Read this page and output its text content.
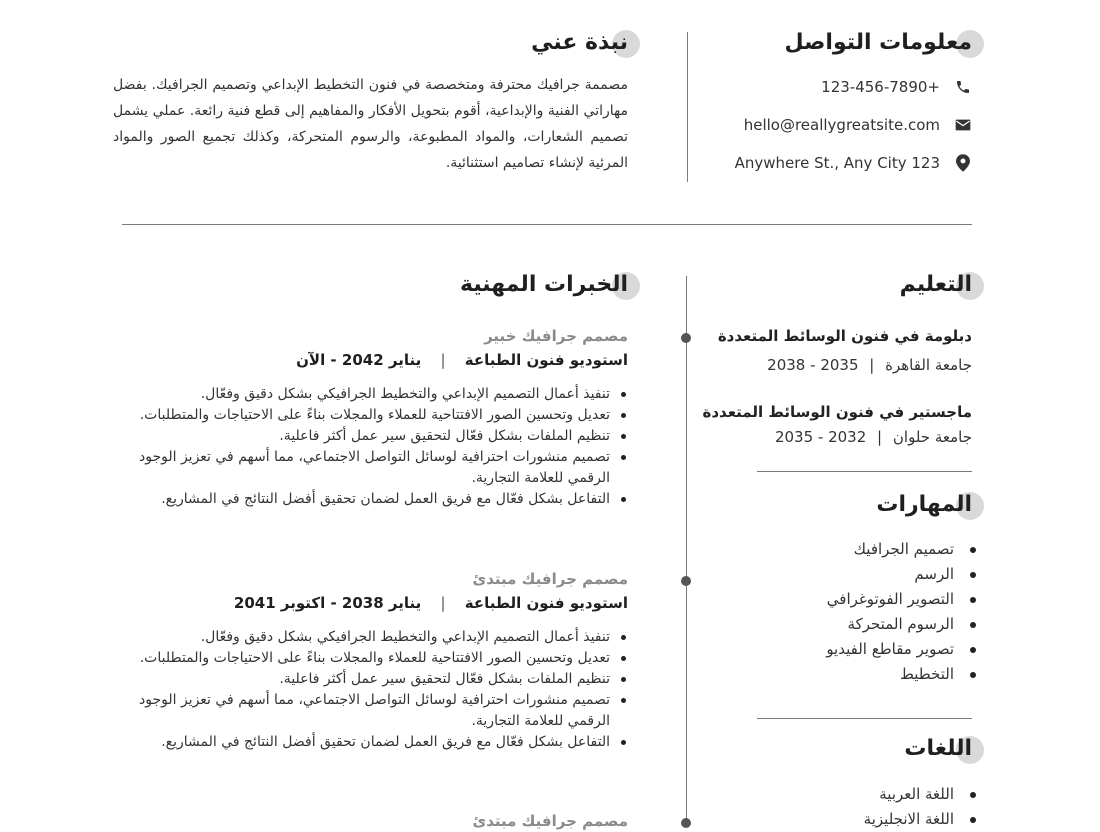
معلومات التواصل
123-456-7890+
hello@reallygreatsite.com
Anywhere St., Any City 123
نبذة عني
مصممة جرافيك محترفة ومتخصصة في فنون التخطيط الإبداعي وتصميم الجرافيك. بفضل مهاراتي الفنية والإبداعية، أقوم بتحويل الأفكار والمفاهيم إلى قطع فنية رائعة. عملي يشمل تصميم الشعارات، والمواد المطبوعة، والرسوم المتحركة، وكذلك تجميع الصور والمواد المرئية لإنشاء تصاميم استثنائية.
التعليم
دبلومة في فنون الوسائط المتعددة
جامعة القاهرة | 2035 - 2038
ماجستير في فنون الوسائط المتعددة
جامعة حلوان | 2032 - 2035
المهارات
تصميم الجرافيك
الرسم
التصوير الفوتوغرافي
الرسوم المتحركة
تصوير مقاطع الفيديو
التخطيط
اللغات
اللغة العربية
اللغة الانجليزية
الخبرات المهنية
مصمم جرافيك خبير
استوديو فنون الطباعة | يناير 2042 - الآن
تنفيذ أعمال التصميم الإبداعي والتخطيط الجرافيكي بشكل دقيق وفعّال.
تعديل وتحسين الصور الافتتاحية للعملاء والمجلات بناءً على الاحتياجات والمتطلبات.
تنظيم الملفات بشكل فعّال لتحقيق سير عمل أكثر فاعلية.
تصميم منشورات احترافية لوسائل التواصل الاجتماعي، مما أسهم في تعزيز الوجود الرقمي للعلامة التجارية.
التفاعل بشكل فعّال مع فريق العمل لضمان تحقيق أفضل النتائج في المشاريع.
مصمم جرافيك مبتدئ
استوديو فنون الطباعة | يناير 2038 - اكتوبر 2041
تنفيذ أعمال التصميم الإبداعي والتخطيط الجرافيكي بشكل دقيق وفعّال.
تعديل وتحسين الصور الافتتاحية للعملاء والمجلات بناءً على الاحتياجات والمتطلبات.
تنظيم الملفات بشكل فعّال لتحقيق سير عمل أكثر فاعلية.
تصميم منشورات احترافية لوسائل التواصل الاجتماعي، مما أسهم في تعزيز الوجود الرقمي للعلامة التجارية.
التفاعل بشكل فعّال مع فريق العمل لضمان تحقيق أفضل النتائج في المشاريع.
مصمم جرافيك مبتدئ
